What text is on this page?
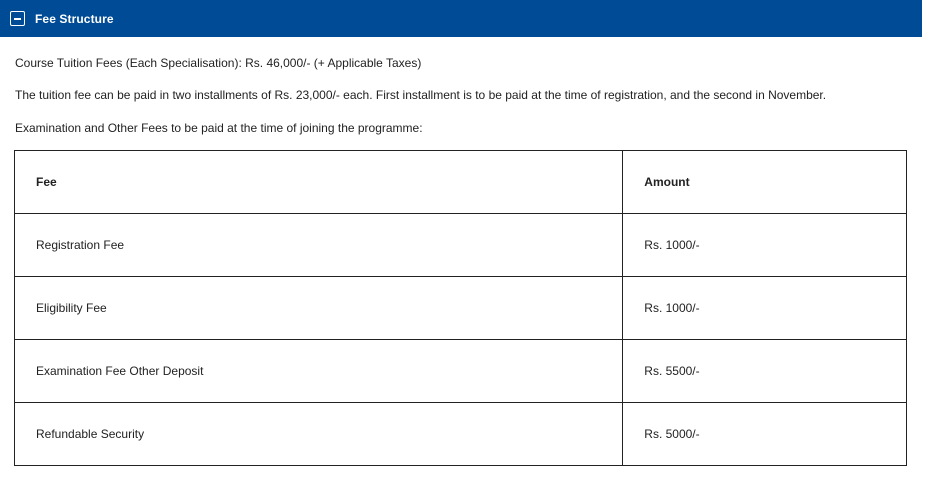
Fee Structure
Course Tuition Fees (Each Specialisation): Rs. 46,000/- (+ Applicable Taxes)
The tuition fee can be paid in two installments of Rs. 23,000/- each. First installment is to be paid at the time of registration, and the second in November.
Examination and Other Fees to be paid at the time of joining the programme:
Fee	Amount
Registration Fee	Rs. 1000/-
Eligibility Fee	Rs. 1000/-
Examination Fee Other Deposit	Rs. 5500/-
Refundable Security	Rs. 5000/-
